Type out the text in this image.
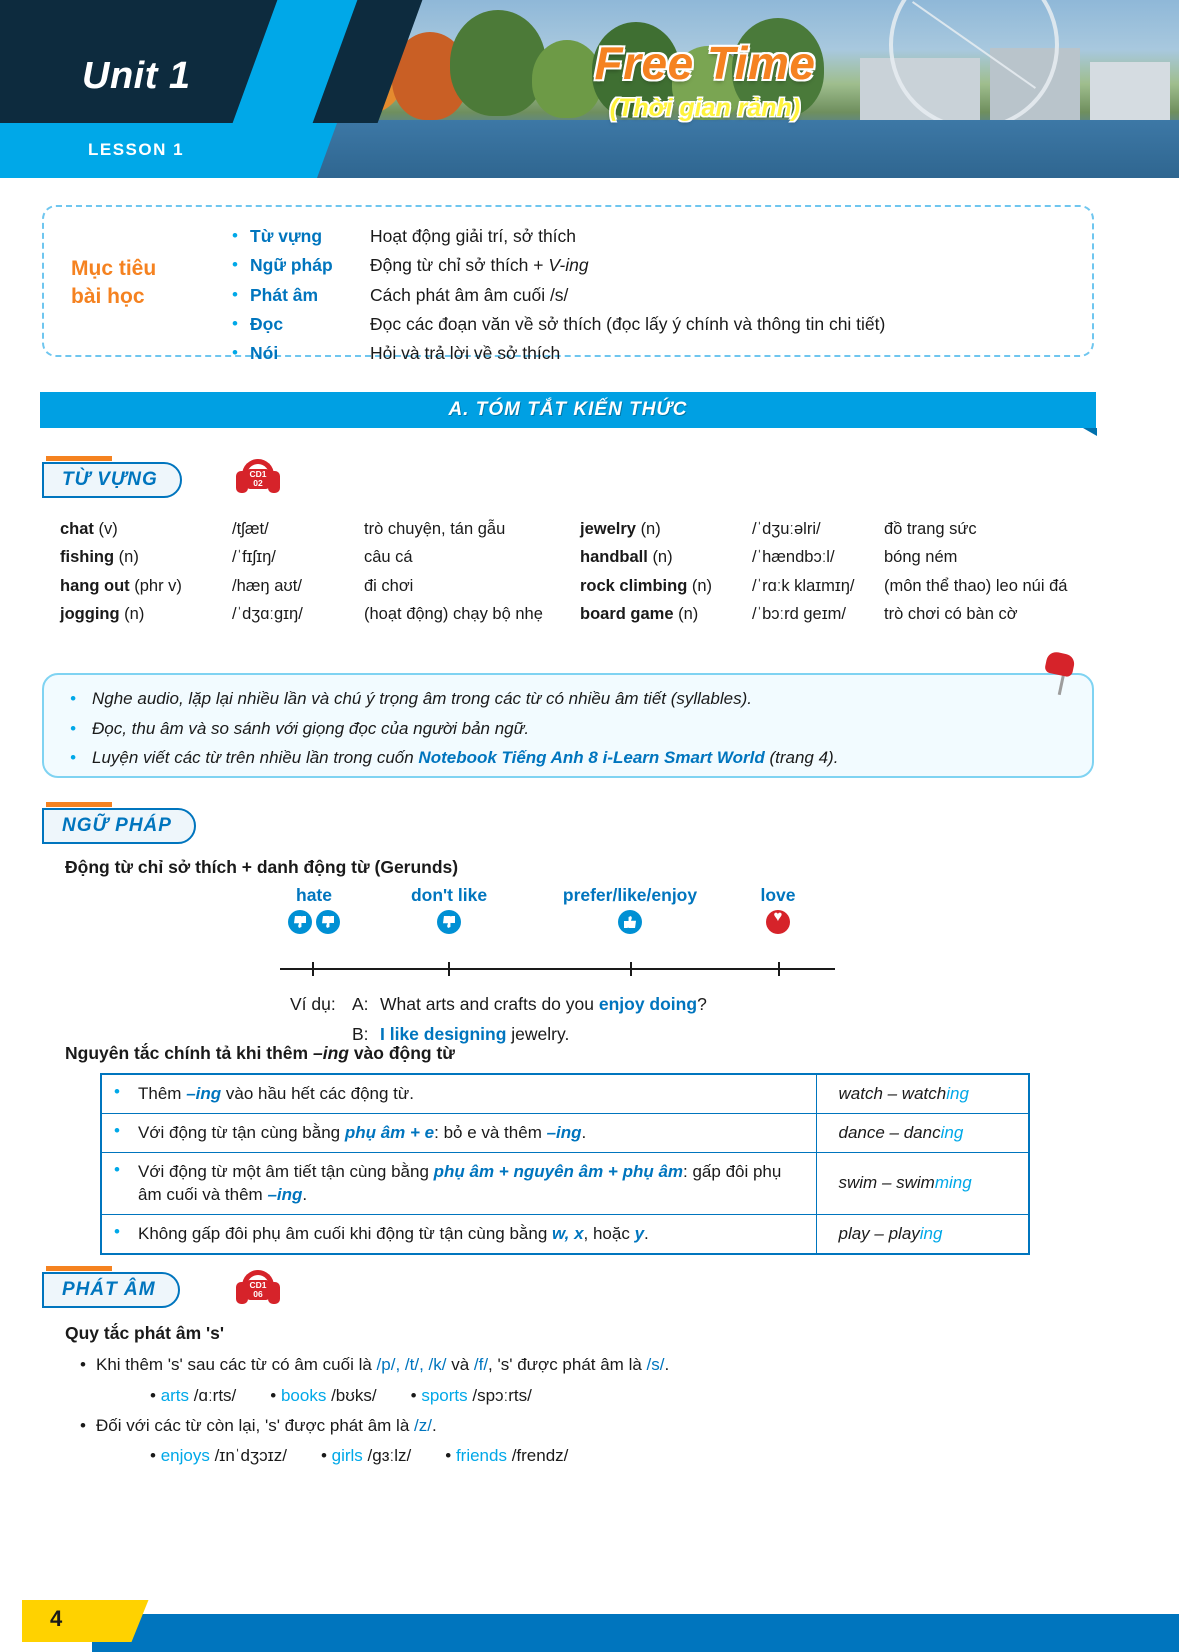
Unit 1
LESSON 1
Free Time
(Thời gian rảnh)
Mục tiêu
bài học
• Từ vựng	Hoạt động giải trí, sở thích
• Ngữ pháp	Động từ chỉ sở thích + V-ing
• Phát âm	Cách phát âm âm cuối /s/
• Đọc	Đọc các đoạn văn về sở thích (đọc lấy ý chính và thông tin chi tiết)
• Nói	Hỏi và trả lời về sở thích
A. TÓM TẮT KIẾN THỨC
TỪ VỰNG	CD1
02
chat (v)	/tʃæt/	trò chuyện, tán gẫu
fishing (n)	/ˈfɪʃɪŋ/	câu cá
hang out (phr v)	/hæŋ aʊt/	đi chơi
jogging (n)	/ˈdʒɑːgɪŋ/	(hoạt động) chạy bộ nhẹ
jewelry (n)	/ˈdʒuːəlri/	đồ trang sức
handball (n)	/ˈhændbɔːl/	bóng ném
rock climbing (n)	/ˈrɑːk klaɪmɪŋ/	(môn thể thao) leo núi đá
board game (n)	/ˈbɔːrd geɪm/	trò chơi có bàn cờ
• Nghe audio, lặp lại nhiều lần và chú ý trọng âm trong các từ có nhiều âm tiết (syllables).
• Đọc, thu âm và so sánh với giọng đọc của người bản ngữ.
• Luyện viết các từ trên nhiều lần trong cuốn Notebook Tiếng Anh 8 i-Learn Smart World (trang 4).
NGỮ PHÁP
Động từ chỉ sở thích + danh động từ (Gerunds)
hate	don't like	prefer/like/enjoy	love
♥
Ví dụ: A: What arts and crafts do you enjoy doing?
B: I like designing jewelry.
Nguyên tắc chính tả khi thêm –ing vào động từ
• Thêm –ing vào hầu hết các động từ.	watch – watching

• Với động từ tận cùng bằng phụ âm + e: bỏ e và thêm –ing.	dance – dancing

• Với động từ một âm tiết tận cùng bằng phụ âm + nguyên âm + phụ âm: gấp đôi phụ âm cuối và thêm –ing.	swim – swimming

• Không gấp đôi phụ âm cuối khi động từ tận cùng bằng w, x, hoặc y.	play – playing
PHÁT ÂM	CD1
06
Quy tắc phát âm 's'
• Khi thêm 's' sau các từ có âm cuối là /p/, /t/, /k/ và /f/, 's' được phát âm là /s/.
• arts /ɑːrts/ • books /bʊks/ • sports /spɔːrts/
• Đối với các từ còn lại, 's' được phát âm là /z/.
• enjoys /ɪnˈdʒɔɪz/ • girls /gɜːlz/ • friends /frendz/
4
